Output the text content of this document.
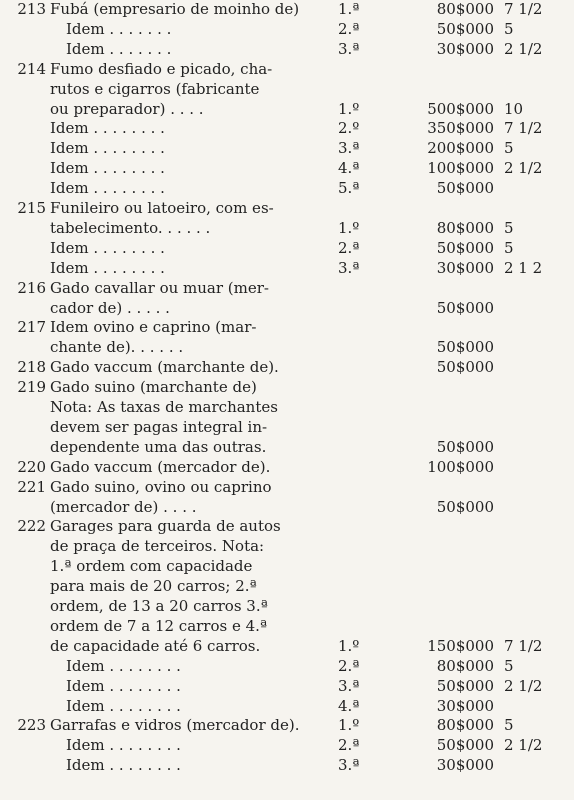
213 Fubá (empresario de moinho de)	1.ª	80$000 7 1/2
Idem . . . . . . .	2.ª	50$000 5
Idem . . . . . . .	3.ª	30$000 2 1/2
214 Fumo desfiado e picado, cha-
rutos e cigarros (fabricante
ou preparador) . . . .	1.º	500$000 10
Idem . . . . . . . .	2.º	350$000 7 1/2
Idem . . . . . . . .	3.ª	200$000 5
Idem . . . . . . . .	4.ª	100$000 2 1/2
Idem . . . . . . . .	5.ª	50$000
215 Funileiro ou latoeiro, com es-
tabelecimento. . . . . .	1.º	80$000 5
Idem . . . . . . . .	2.ª	50$000 5
Idem . . . . . . . .	3.ª	30$000 2 1 2
216 Gado cavallar ou muar (mer-
cador de) . . . . .	50$000
217 Idem ovino e caprino (mar-
chante de). . . . . .	50$000
218 Gado vaccum (marchante de).	50$000
219 Gado suino (marchante de)
Nota: As taxas de marchantes
devem ser pagas integral in-
dependente uma das outras.	50$000
220 Gado vaccum (mercador de).	100$000
221 Gado suino, ovino ou caprino
(mercador de) . . . .	50$000
222 Garages para guarda de autos
de praça de terceiros. Nota:
1.ª ordem com capacidade
para mais de 20 carros; 2.ª
ordem, de 13 a 20 carros 3.ª
ordem de 7 a 12 carros e 4.ª
de capacidade até 6 carros.	1.º	150$000 7 1/2
Idem . . . . . . . .	2.ª	80$000 5
Idem . . . . . . . .	3.ª	50$000 2 1/2
Idem . . . . . . . .	4.ª	30$000
223 Garrafas e vidros (mercador de).	1.º	80$000 5
Idem . . . . . . . .	2.ª	50$000 2 1/2
Idem . . . . . . . .	3.ª	30$000
